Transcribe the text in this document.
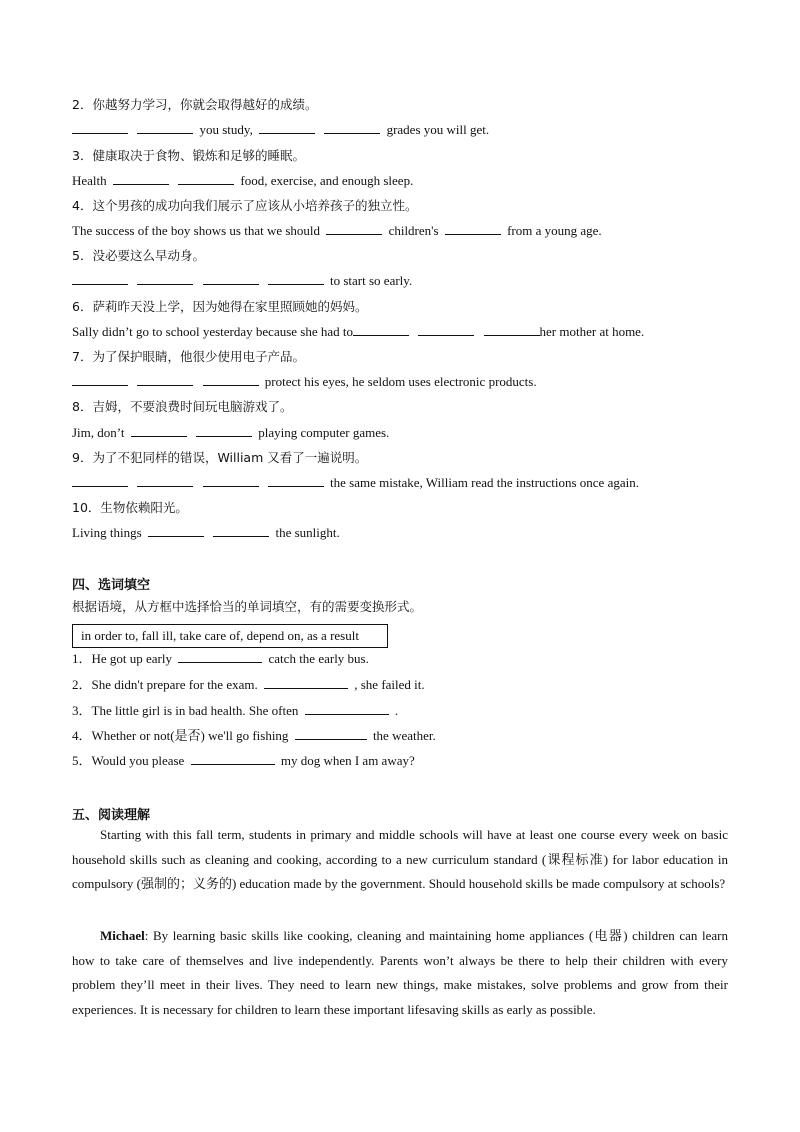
2．你越努力学习，你就会取得越好的成绩。
you study,	grades you will get.
3．健康取决于食物、锻炼和足够的睡眠。
Health	food, exercise, and enough sleep.
4．这个男孩的成功向我们展示了应该从小培养孩子的独立性。
The success of the boy shows us that we should	children's	from a young age.
5．没必要这么早动身。
to start so early.
6．萨莉昨天没上学，因为她得在家里照顾她的妈妈。
Sally didn’t go to school yesterday because she had to	her mother at home.
7．为了保护眼睛，他很少使用电子产品。
protect his eyes, he seldom uses electronic products.
8．吉姆，不要浪费时间玩电脑游戏了。
Jim, don’t	playing computer games.
9．为了不犯同样的错误，William 又看了一遍说明。
the same mistake, William read the instructions once again.
10．生物依赖阳光。
Living things	the sunlight.
四、选词填空
根据语境，从方框中选择恰当的单词填空，有的需要变换形式。
in order to, fall ill, take care of, depend on, as a result
1．He got up early	catch the early bus.
2．She didn't prepare for the exam.	, she failed it.
3．The little girl is in bad health. She often	.
4．Whether or not(是否) we'll go fishing	the weather.
5．Would you please	my dog when I am away?
五、阅读理解
Starting with this fall term, students in primary and middle schools will have at least one course every week on basic household skills such as cleaning and cooking, according to a new curriculum standard (课程标准) for labor education in compulsory (强制的；义务的) education made by the government. Should household skills be made compulsory at schools?
Michael: By learning basic skills like cooking, cleaning and maintaining home appliances (电器) children can learn how to take care of themselves and live independently. Parents won’t always be there to help their children with every problem they’ll meet in their lives. They need to learn new things, make mistakes, solve problems and grow from their experiences. It is necessary for children to learn these important lifesaving skills as early as possible.
